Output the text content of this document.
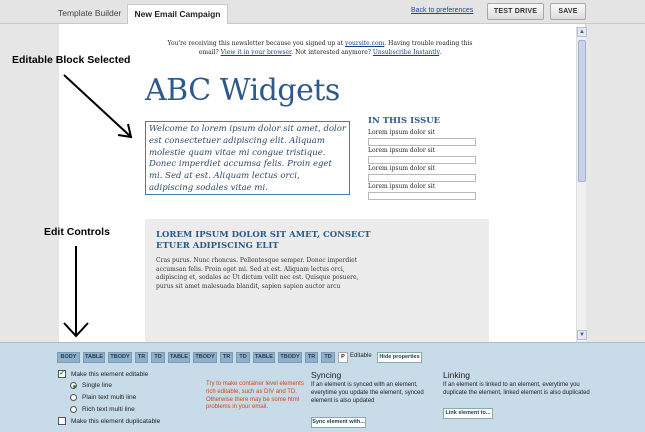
Template Builder	New Email Campaign	Back to preferences	TEST DRIVE	SAVE
▲
▼
You're receiving this newsletter because you signed up at yoursite.com. Having trouble reading this
email? View it in your browser. Not interested anymore? Unsubscribe Instantly.
ABC Widgets
Welcome to lorem ipsum dolor sit amet, dolor est consectetuer adipiscing elit. Aliquam molestie quam vitae mi congue tristique. Donec imperdiet accumsa felis. Proin eget mi. Sed at est. Aliquam lectus orci, adipiscing sodales vitae mi.
IN THIS ISSUE
Lorem ipsum dolor sit
Lorem ipsum dolor sit
Lorem ipsum dolor sit
Lorem ipsum dolor sit
LOREM IPSUM DOLOR SIT AMET, CONSECT ETUER ADIPISCING ELIT
Cras purus. Nunc rhoncus. Pellentesque semper. Donec imperdiet accumsan felis. Proin eget mi. Sed at est. Aliquam lectus orci, adipiscing et, sodales ac Ut dictum velit nec est. Quisque posuere, purus sit amet malesuada blandit, sapien sapien auctor arcu
Editable Block Selected
Edit Controls
BODY	TABLE	TBODY	TR	TD	TABLE	TBODY	TR	TD	TABLE	TBODY	TR	TD	P Editable	Hide properties
✓ Make this element editable
Single line
Plain text multi line
Rich text multi line
Make this element duplicatable
Try to make container level elements rich editable, such as DIV and TD. Otherwise there may be some html problems in your email.
Syncing
If an element is synced with an element, everytime you update the element, synced element is also updated
Sync element with...
Linking
If an element is linked to an element, everytime you duplicate the element, linked element is also duplicated
Link element to...
